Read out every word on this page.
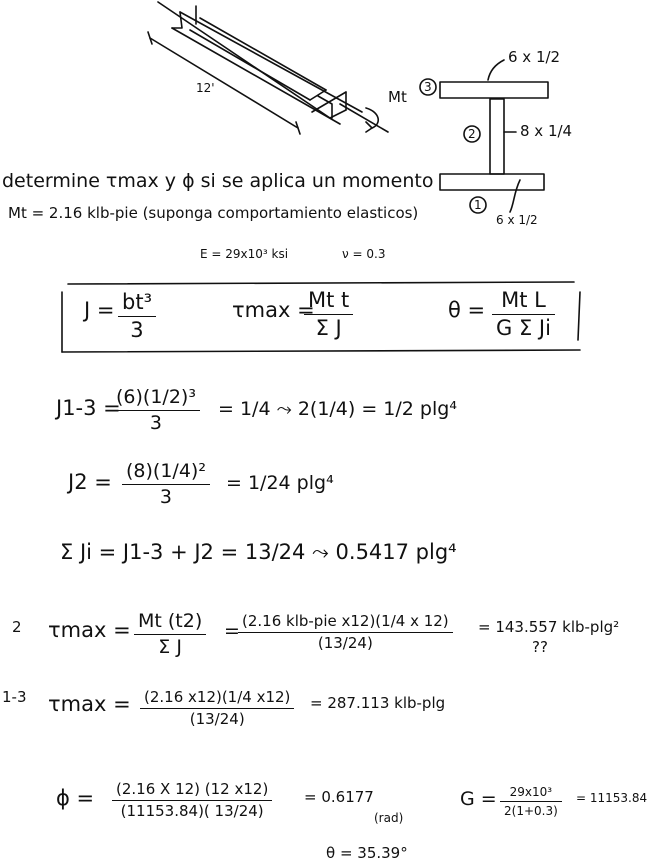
12'	Mt
6 x 1/2
8 x 1/4
6 x 1/2
3
2
1
determine τmax y ϕ si se aplica un momento
Mt = 2.16 klb-pie (suponga comportamiento elasticos)
E = 29x10³ ksi	ν = 0.3
J = bt³
3
τmax =
Mt t
Σ J
θ = Mt L
G Σ Ji
J1-3 =
(6)(1/2)³
3
= 1/4 ⤳ 2(1/4) = 1/2 plg⁴
J2 = (8)(1/4)²
3
= 1/24 plg⁴
Σ Ji = J1-3 + J2 = 13/24 ⤳ 0.5417 plg⁴
2 τmax = Mt (t2)
Σ J
= (2.16 klb-pie x12)(1/4 x 12)
(13/24)
= 143.557 klb-plg²
??
1-3 τmax = (2.16 x12)(1/4 x12)
(13/24)
= 287.113 klb-plg
ϕ = (2.16 X 12) (12 x12)
(11153.84)( 13/24)
= 0.6177
(rad)
θ = 35.39°
G =	29x10³
2(1+0.3)
= 11153.84
